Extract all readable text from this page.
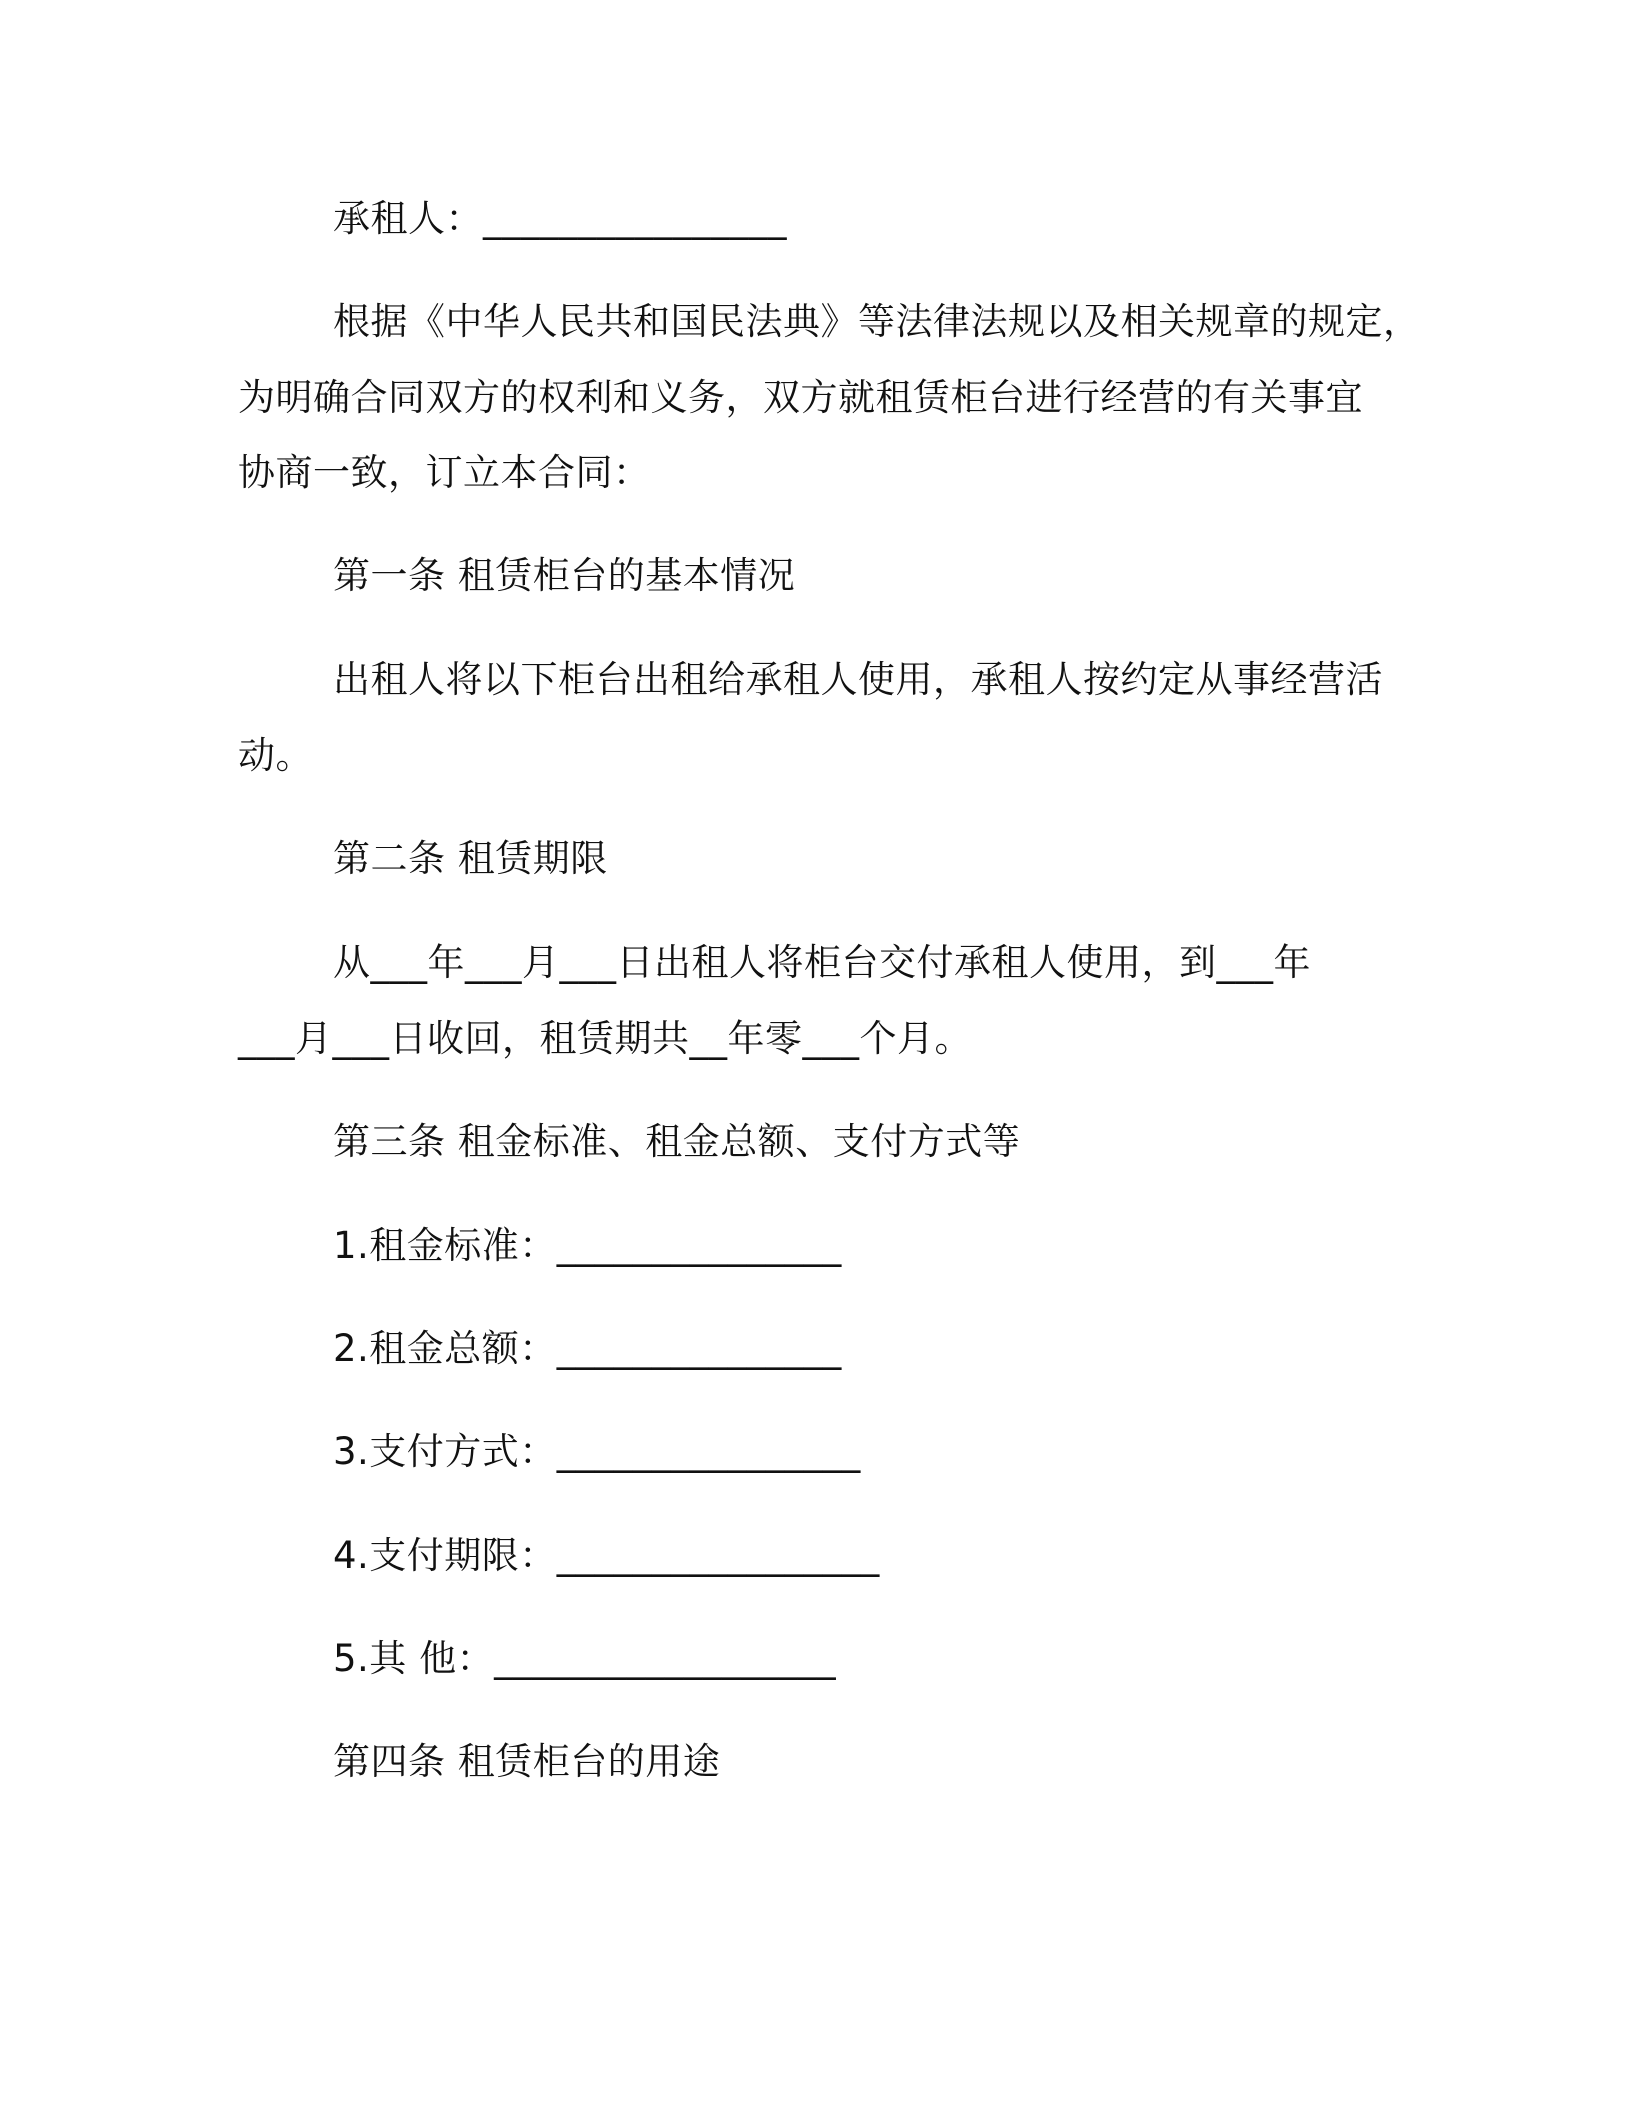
承租人：________________
根据《中华人民共和国民法典》等法律法规以及相关规章的规定，
为明确合同双方的权利和义务，双方就租赁柜台进行经营的有关事宜
协商一致，订立本合同：
第一条 租赁柜台的基本情况
出租人将以下柜台出租给承租人使用，承租人按约定从事经营活
动。
第二条 租赁期限
从___年___月___日出租人将柜台交付承租人使用，到___年
___月___日收回，租赁期共__年零___个月。
第三条 租金标准、租金总额、支付方式等
1.租金标准：_______________
2.租金总额：_______________
3.支付方式：________________
4.支付期限：_________________
5.其 他：__________________
第四条 租赁柜台的用途
